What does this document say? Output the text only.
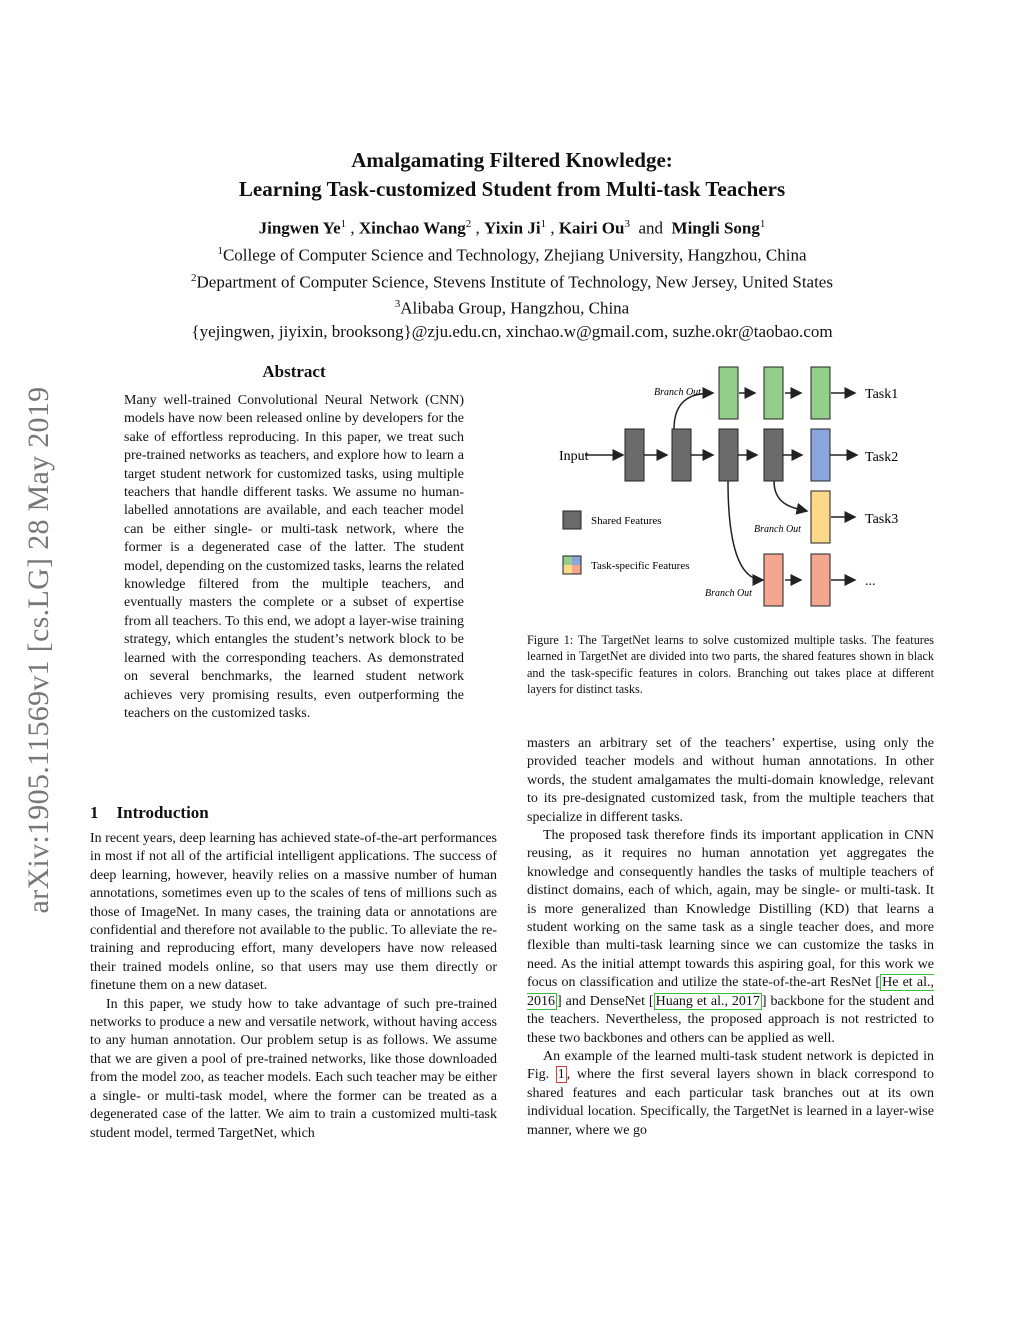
arXiv:1905.11569v1 [cs.LG] 28 May 2019
Amalgamating Filtered Knowledge:
Learning Task-customized Student from Multi-task Teachers
Jingwen Ye$^1$ , Xinchao Wang$^2$ , Yixin Ji$^1$ , Kairi Ou$^3$ and Mingli Song$^1$
$^1$College of Computer Science and Technology, Zhejiang University, Hangzhou, China
$^2$Department of Computer Science, Stevens Institute of Technology, New Jersey, United States
$^3$Alibaba Group, Hangzhou, China
{yejingwen, jiyixin, brooksong}@zju.edu.cn, xinchao.w@gmail.com, suzhe.okr@taobao.com
Abstract

Many well-trained Convolutional Neural Network (CNN) models have now been released online by developers for the sake of effortless reproducing. In this paper, we treat such pre-trained networks as teachers, and explore how to learn a target student network for customized tasks, using multiple teachers that handle different tasks. We assume no human-labelled annotations are available, and each teacher model can be either single- or multi-task network, where the former is a degenerated case of the latter. The student model, depending on the customized tasks, learns the related knowledge filtered from the multiple teachers, and eventually masters the complete or a subset of expertise from all teachers. To this end, we adopt a layer-wise training strategy, which entangles the student’s network block to be learned with the corresponding teachers. As demonstrated on several benchmarks, the learned student network achieves very promising results, even outperforming the teachers on the customized tasks.

1 Introduction

In recent years, deep learning has achieved state-of-the-art performances in most if not all of the artificial intelligent applications. The success of deep learning, however, heavily relies on a massive number of human annotations, sometimes even up to the scales of tens of millions such as those of ImageNet. In many cases, the training data or annotations are confidential and therefore not available to the public. To alleviate the re-training and reproducing effort, many developers have now released their trained models online, so that users may use them directly or finetune them on a new dataset.

In this paper, we study how to take advantage of such pre-trained networks to produce a new and versatile network, without having access to any human annotation. Our problem setup is as follows. We assume that we are given a pool of pre-trained networks, like those downloaded from the model zoo, as teacher models. Each such teacher may be either a single- or multi-task model, where the former can be treated as a degenerated case of the latter. We aim to train a customized multi-task student model, termed TargetNet, which

Input
Task1
Task2
Task3
...
Branch Out
Branch Out
Branch Out
Shared Features
Task-specific Features

Figure 1: The TargetNet learns to solve customized multiple tasks. The features learned in TargetNet are divided into two parts, the shared features shown in black and the task-specific features in colors. Branching out takes place at different layers for distinct tasks.

masters an arbitrary set of the teachers’ expertise, using only the provided teacher models and without human annotations. In other words, the student amalgamates the multi-domain knowledge, relevant to its pre-designated customized task, from the multiple teachers that specialize in different tasks.

The proposed task therefore finds its important application in CNN reusing, as it requires no human annotation yet aggregates the knowledge and consequently handles the tasks of multiple teachers of distinct domains, each of which, again, may be single- or multi-task. It is more generalized than Knowledge Distilling (KD) that learns a student working on the same task as a single teacher does, and more flexible than multi-task learning since we can customize the tasks in need. As the initial attempt towards this aspiring goal, for this work we focus on classification and utilize the state-of-the-art ResNet [ He et al., 2016 ] and DenseNet [ Huang et al., 2017 ] backbone for the student and the teachers. Nevertheless, the proposed approach is not restricted to these two backbones and others can be applied as well.

An example of the learned multi-task student network is depicted in Fig. 1 , where the first several layers shown in black correspond to shared features and each particular task branches out at its own individual location. Specifically, the TargetNet is learned in a layer-wise manner, where we go
